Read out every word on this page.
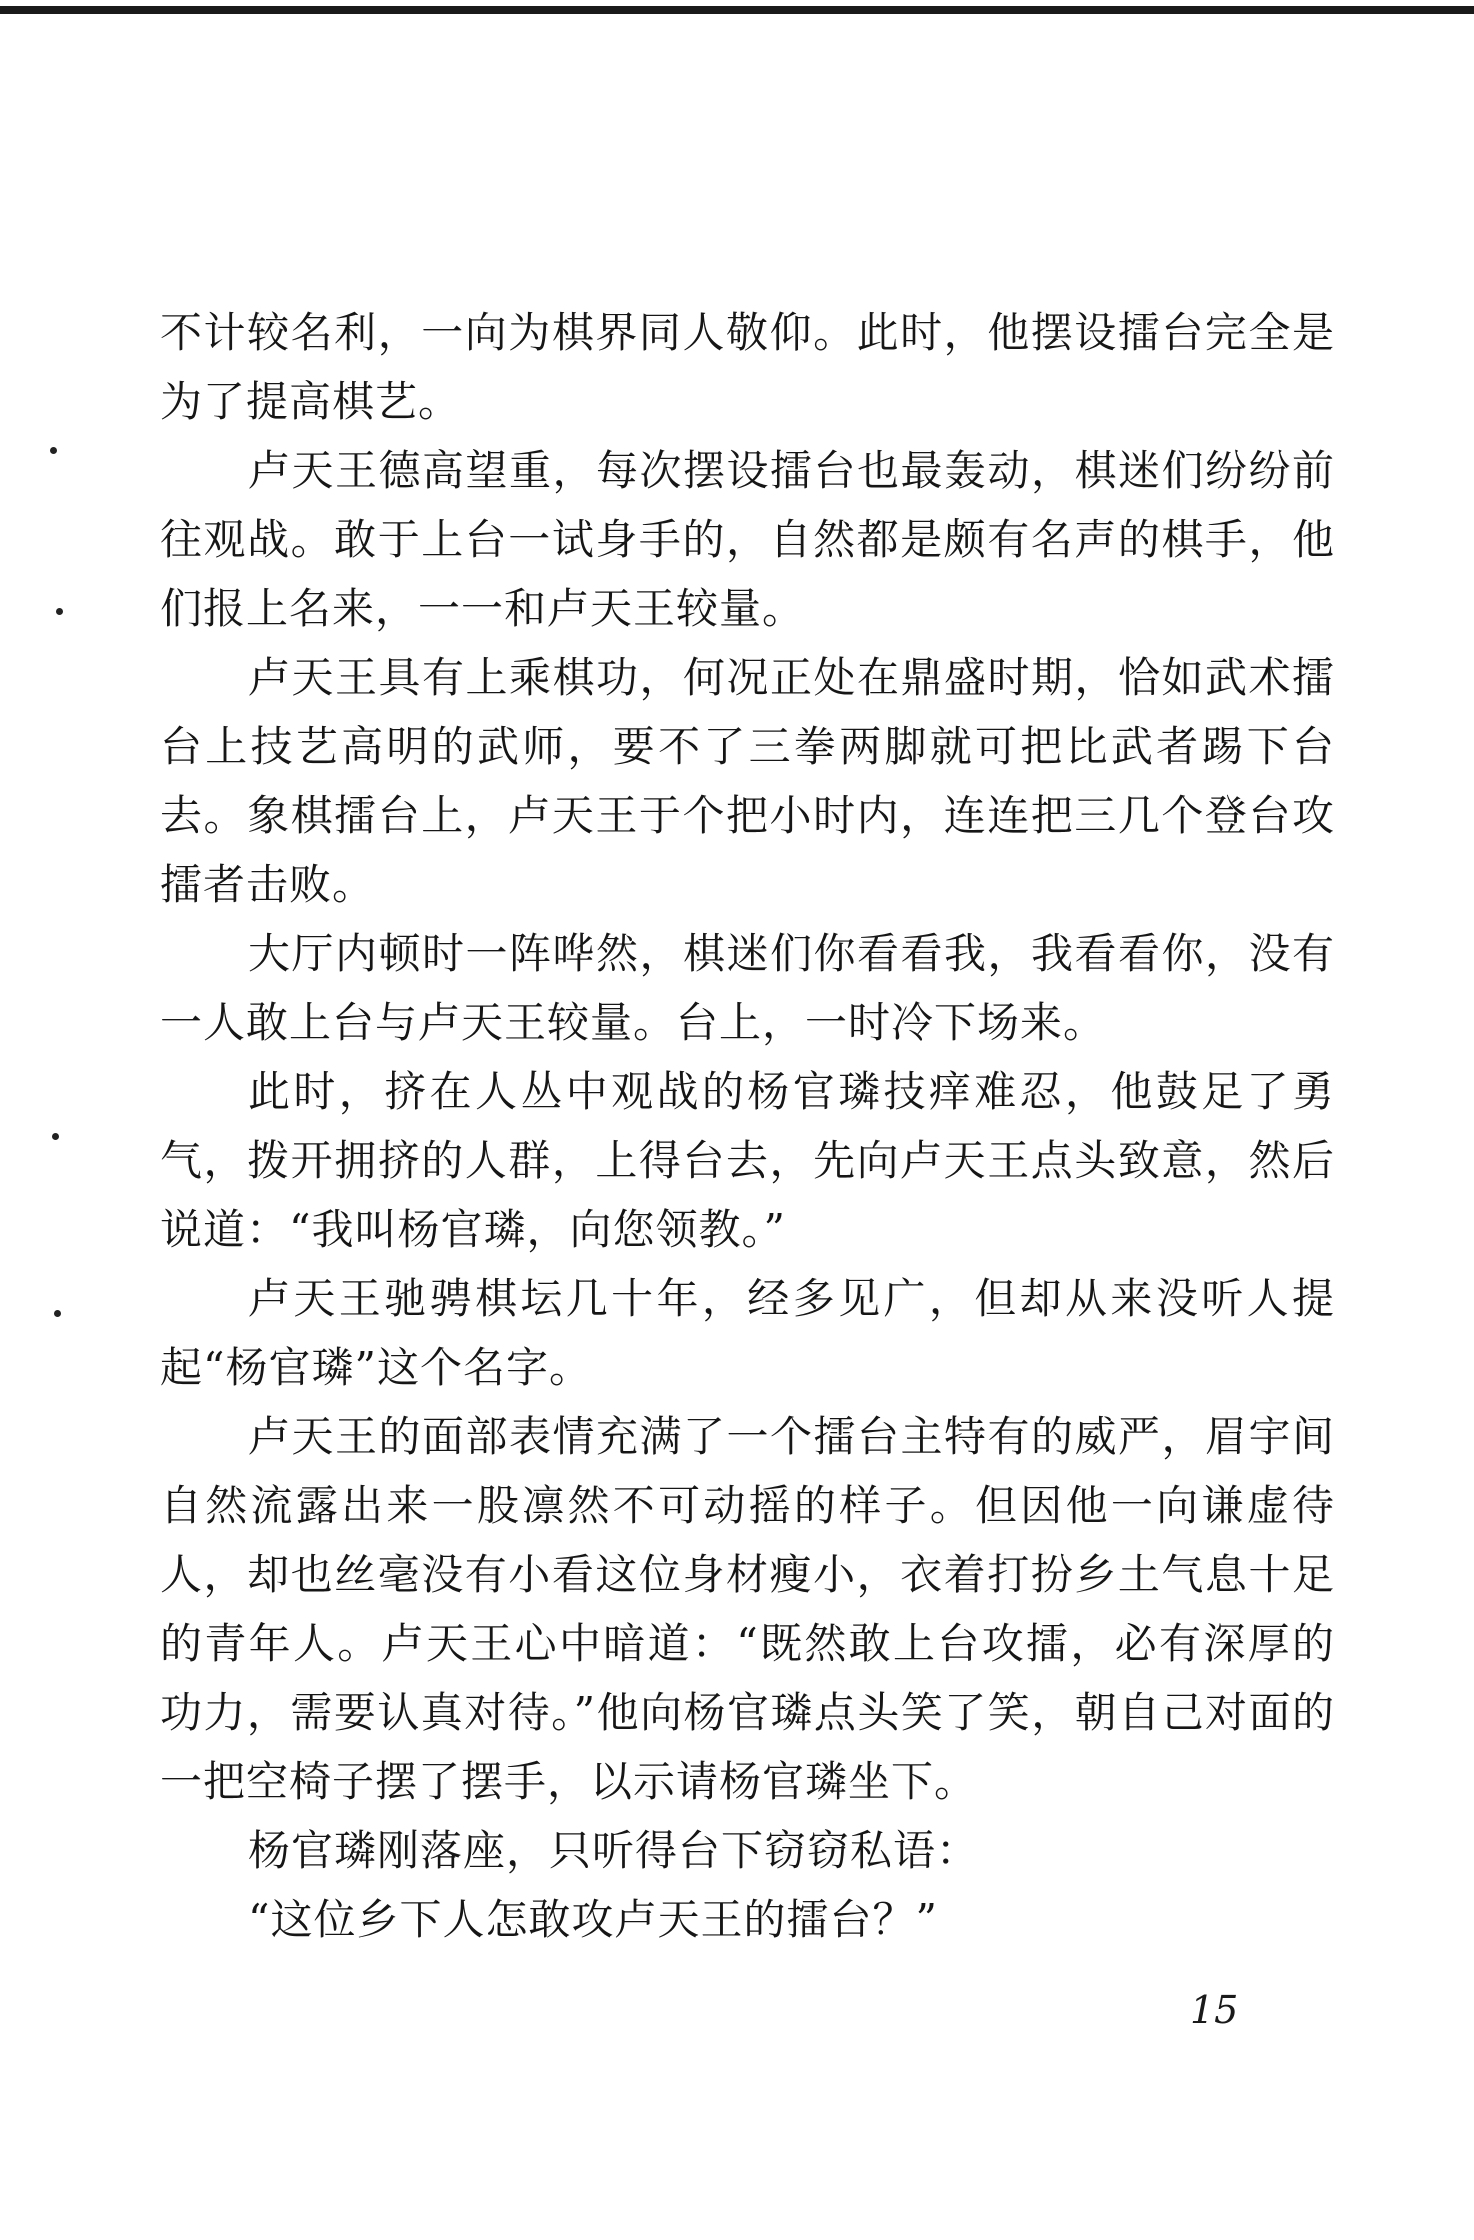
不计较名利，一向为棋界同人敬仰。此时，他摆设擂台完全是为了提高棋艺。

卢天王德高望重，每次摆设擂台也最轰动，棋迷们纷纷前往观战。敢于上台一试身手的，自然都是颇有名声的棋手，他们报上名来，一一和卢天王较量。

卢天王具有上乘棋功，何况正处在鼎盛时期，恰如武术擂台上技艺高明的武师，要不了三拳两脚就可把比武者踢下台去。象棋擂台上，卢天王于个把小时内，连连把三几个登台攻擂者击败。

大厅内顿时一阵哗然，棋迷们你看看我，我看看你，没有一人敢上台与卢天王较量。台上，一时冷下场来。

此时，挤在人丛中观战的杨官璘技痒难忍，他鼓足了勇气，拨开拥挤的人群，上得台去，先向卢天王点头致意，然后说道：“我叫杨官璘，向您领教。”

卢天王驰骋棋坛几十年，经多见广，但却从来没听人提起“杨官璘”这个名字。

卢天王的面部表情充满了一个擂台主特有的威严，眉宇间自然流露出来一股凛然不可动摇的样子。但因他一向谦虚待人，却也丝毫没有小看这位身材瘦小，衣着打扮乡土气息十足的青年人。卢天王心中暗道：“既然敢上台攻擂，必有深厚的功力，需要认真对待。”他向杨官璘点头笑了笑，朝自己对面的一把空椅子摆了摆手，以示请杨官璘坐下。

杨官璘刚落座，只听得台下窃窃私语：

“这位乡下人怎敢攻卢天王的擂台？”

15
